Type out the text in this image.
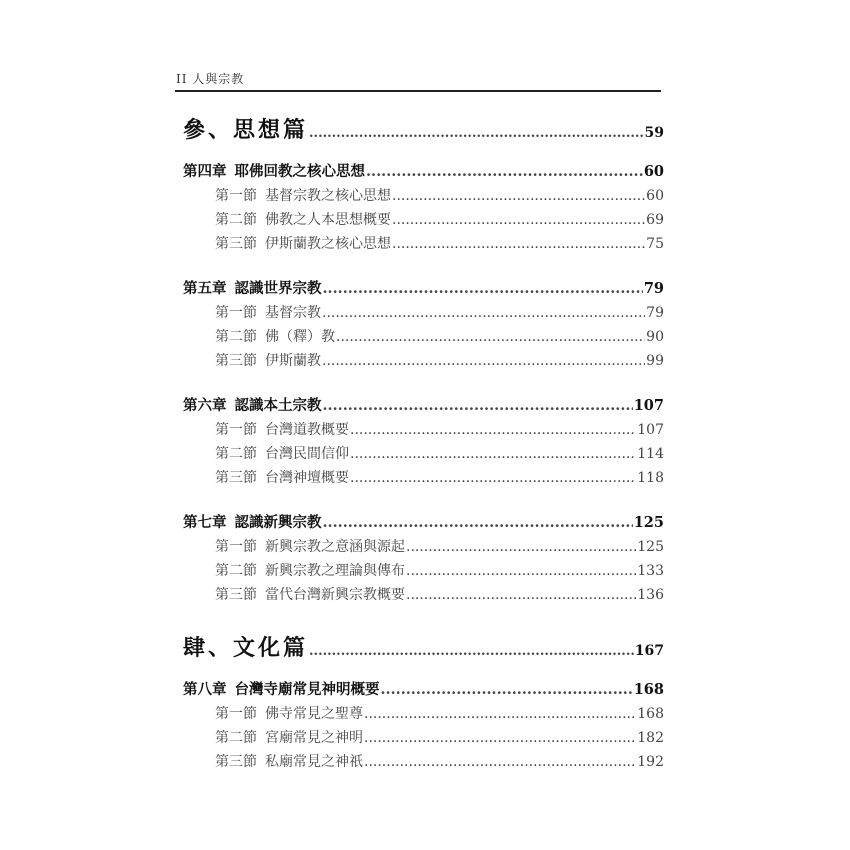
II 人與宗教
參、思想篇 .....	59
第四章 耶佛回教之核心思想 .....	60
第一節 基督宗教之核心思想 .....	60
第二節 佛教之人本思想概要 .....	69
第三節 伊斯蘭教之核心思想 .....	75
第五章 認識世界宗教 .....	79
第一節 基督宗教 .....	79
第二節 佛（釋）教 .....	90
第三節 伊斯蘭教 .....	99
第六章 認識本土宗教 .....	107
第一節 台灣道教概要 .....	107
第二節 台灣民間信仰 .....	114
第三節 台灣神壇概要 .....	118
第七章 認識新興宗教 .....	125
第一節 新興宗教之意涵與源起 .....	125
第二節 新興宗教之理論與傳布 .....	133
第三節 當代台灣新興宗教概要 .....	136
肆、文化篇 .....	167
第八章 台灣寺廟常見神明概要 .....	168
第一節 佛寺常見之聖尊 .....	168
第二節 宮廟常見之神明 .....	182
第三節 私廟常見之神祇 .....	192
